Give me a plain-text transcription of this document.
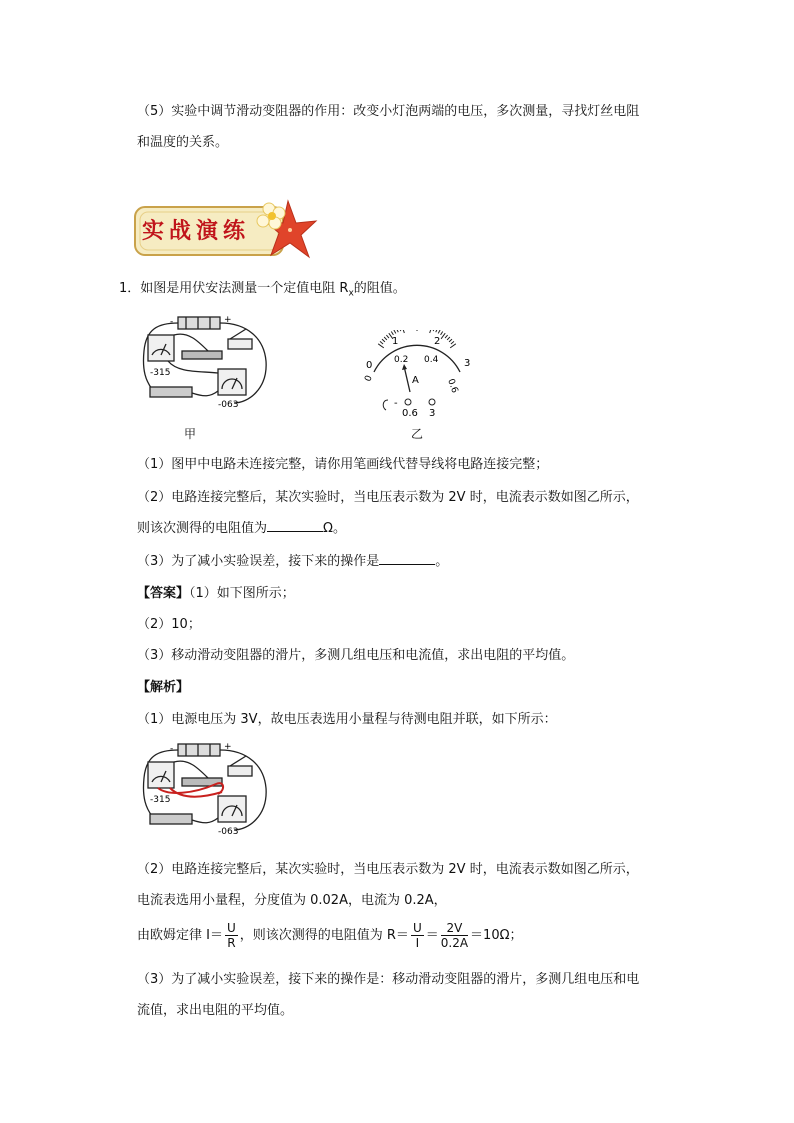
（5）实验中调节滑动变阻器的作用：改变小灯泡两端的电压，多次测量，寻找灯丝电阻
和温度的关系。
实战演练
1．如图是用伏安法测量一个定值电阻 $R_x$的阻值。
-315
-063
-	+
甲
A
0
1	2
3
0
0.2 0.4
0.6
-
0.6 3
乙
（1）图甲中电路未连接完整，请你用笔画线代替导线将电路连接完整；
（2）电路连接完整后，某次实验时，当电压表示数为 2V 时，电流表示数如图乙所示，
则该次测得的电阻值为	Ω。
（3）为了减小实验误差，接下来的操作是	。
【答案】（1）如下图所示；
（2）10；
（3）移动滑动变阻器的滑片，多测几组电压和电流值，求出电阻的平均值。
【解析】
（1）电源电压为 3V，故电压表选用小量程与待测电阻并联，如下所示：
-315
-063
-	+
（2）电路连接完整后，某次实验时，当电压表示数为 2V 时，电流表示数如图乙所示，
电流表选用小量程，分度值为 0.02A，电流为 0.2A，
由欧姆定律 $I= \frac{U}{R}$ ，则该次测得的电阻值为 $R= \frac{U}{I} = \frac{2V}{0.2A} =10\Omega$；
（3）为了减小实验误差，接下来的操作是：移动滑动变阻器的滑片，多测几组电压和电
流值，求出电阻的平均值。
